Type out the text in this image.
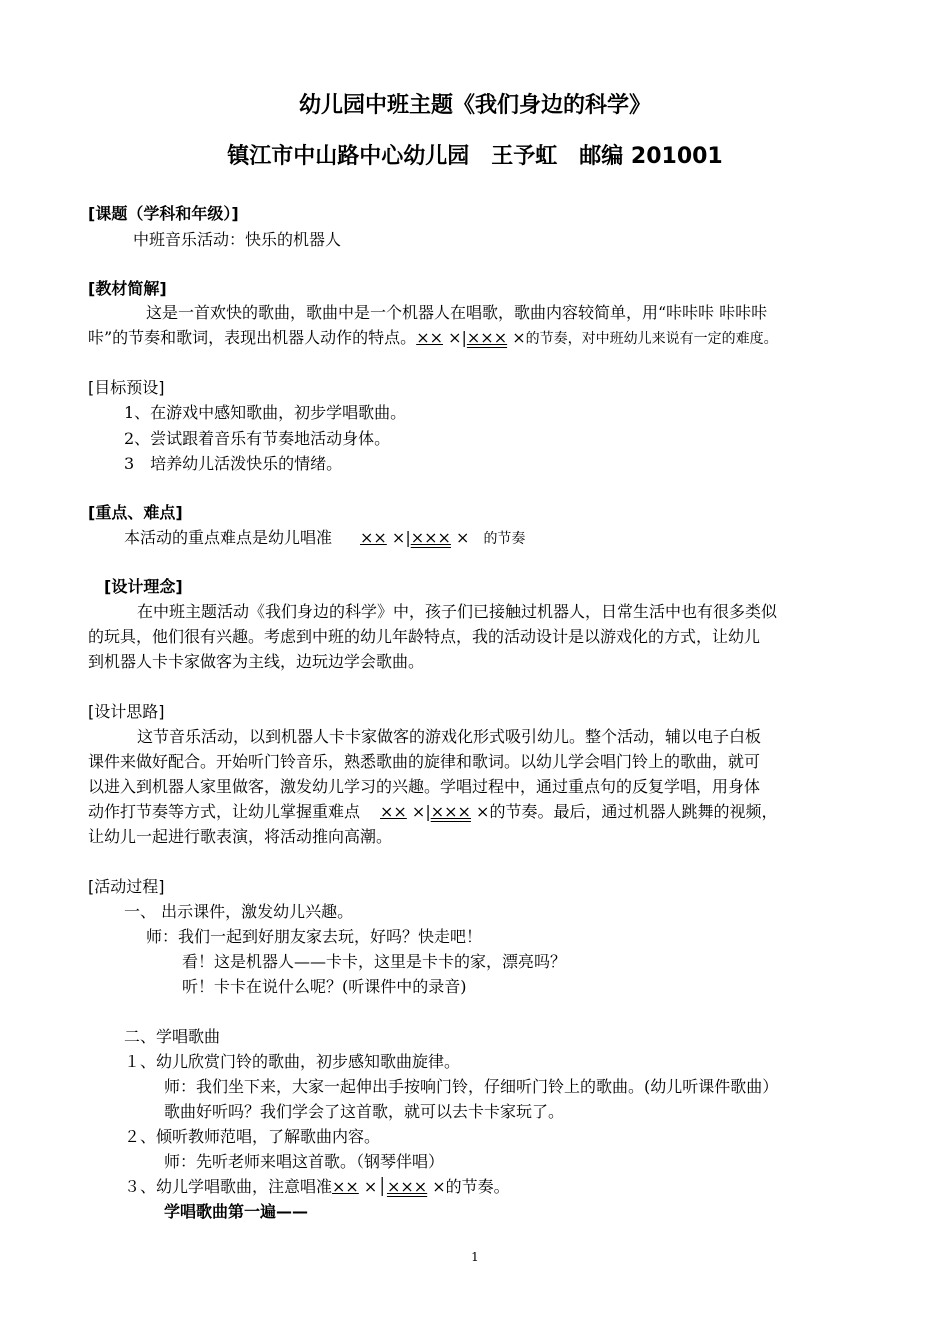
幼儿园中班主题《我们身边的科学》
镇江市中山路中心幼儿园　王予虹　邮编 201001
[课题（学科和年级）]
中班音乐活动：快乐的机器人
[教材简解]
这是一首欢快的歌曲，歌曲中是一个机器人在唱歌，歌曲内容较简单，用“咔咔咔 咔咔咔
咔”的节奏和歌词，表现出机器人动作的特点。×× ×|××× ×的节奏，对中班幼儿来说有一定的难度。
[目标预设]
1、在游戏中感知歌曲，初步学唱歌曲。
2、尝试跟着音乐有节奏地活动身体。
3　培养幼儿活泼快乐的情绪。
[重点、难点]
本活动的重点难点是幼儿唱准 ×× ×|××× × 的节奏
[设计理念]
在中班主题活动《我们身边的科学》中，孩子们已接触过机器人，日常生活中也有很多类似
的玩具，他们很有兴趣。考虑到中班的幼儿年龄特点，我的活动设计是以游戏化的方式，让幼儿
到机器人卡卡家做客为主线，边玩边学会歌曲。
[设计思路]
这节音乐活动，以到机器人卡卡家做客的游戏化形式吸引幼儿。整个活动，辅以电子白板
课件来做好配合。开始听门铃音乐，熟悉歌曲的旋律和歌词。以幼儿学会唱门铃上的歌曲，就可
以进入到机器人家里做客，激发幼儿学习的兴趣。学唱过程中，通过重点句的反复学唱，用身体
动作打节奏等方式，让幼儿掌握重难点 ×× ×|××× ×的节奏。最后，通过机器人跳舞的视频，
让幼儿一起进行歌表演，将活动推向高潮。
[活动过程]
一、 出示课件，激发幼儿兴趣。
师：我们一起到好朋友家去玩，好吗？快走吧！
看！这是机器人——卡卡，这里是卡卡的家，漂亮吗？
听！卡卡在说什么呢？(听课件中的录音)
二、学唱歌曲
１、幼儿欣赏门铃的歌曲，初步感知歌曲旋律。
师：我们坐下来，大家一起伸出手按响门铃，仔细听门铃上的歌曲。(幼儿听课件歌曲）
歌曲好听吗？我们学会了这首歌，就可以去卡卡家玩了。
２、倾听教师范唱，了解歌曲内容。
师：先听老师来唱这首歌。（钢琴伴唱）
３、幼儿学唱歌曲，注意唱准×× ×│××× ×的节奏。
学唱歌曲第一遍——
1
